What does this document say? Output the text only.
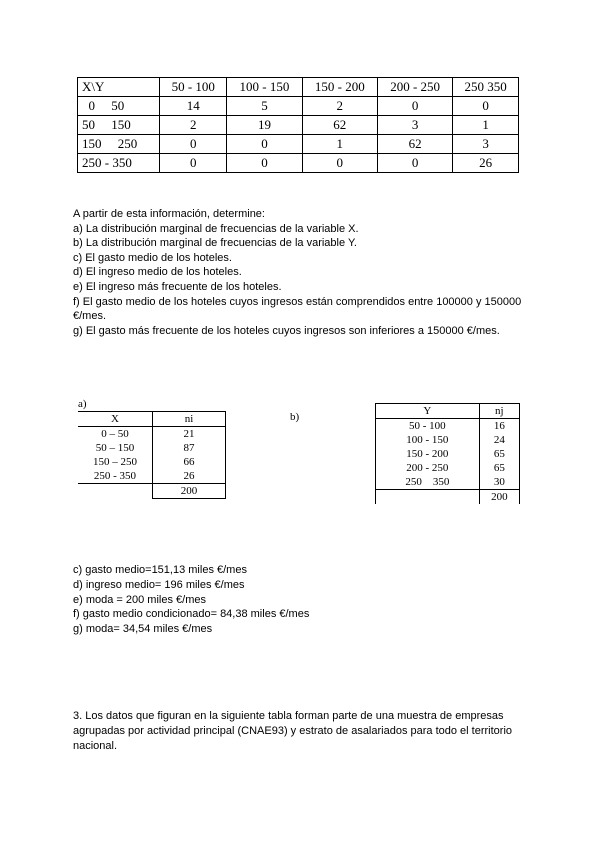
X\Y	50 - 100	100 - 150	150 - 200	200 - 250	250 350
0     50	14	5	2	0	0
50     150	2	19	62	3	1
150     250	0	0	1	62	3
250 - 350	0	0	0	0	26
A partir de esta información, determine:
a) La distribución marginal de frecuencias de la variable X.
b) La distribución marginal de frecuencias de la variable Y.
c) El gasto medio de los hoteles.
d) El ingreso medio de los hoteles.
e) El ingreso más frecuente de los hoteles.
f) El gasto medio de los hoteles cuyos ingresos están comprendidos entre 100000 y 150000
€/mes.
g) El gasto más frecuente de los hoteles cuyos ingresos son inferiores a 150000 €/mes.
a)
b)
X	ni
0 – 50	21
50 – 150	87
150 – 250	66
250 - 350	26
	200
Y	nj
50 - 100	16
100 - 150	24
150 - 200	65
200 - 250	65
250    350	30
	200
c) gasto medio=151,13 miles €/mes
d) ingreso medio= 196 miles €/mes
e) moda = 200 miles €/mes
f) gasto medio condicionado= 84,38 miles €/mes
g) moda= 34,54 miles €/mes
3. Los datos que figuran en la siguiente tabla forman parte de una muestra de empresas agrupadas por actividad principal (CNAE93) y estrato de asalariados para todo el territorio nacional.
